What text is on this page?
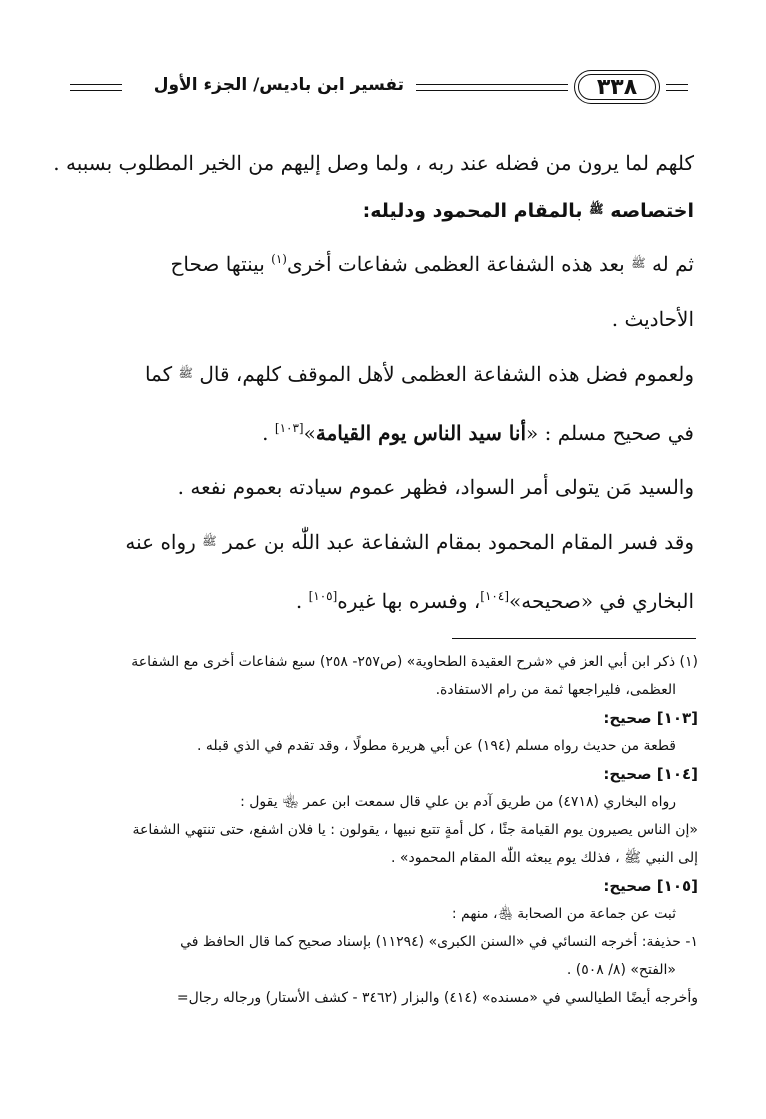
تفسير ابن باديس/ الجزء الأول	٣٣٨

كلهم لما يرون من فضله عند ربه ، ولما وصل إليهم من الخير المطلوب بسببه .

اختصاصه $^ﷺ$ بالمقام المحمود ودليله:

ثم له $^ﷺ$ بعد هذه الشفاعة العظمى شفاعات أخرى$^{(١)}$ بينتها صحاح

الأحاديث .

ولعموم فضل هذه الشفاعة العظمى لأهل الموقف كلهم، قال $^ﷺ$ كما

في صحيح مسلم : «أنا سيد الناس يوم القيامة»[١٠٣] .

والسيد مَن يتولى أمر السواد، فظهر عموم سيادته بعموم نفعه .

وقد فسر المقام المحمود بمقام الشفاعة عبد اللّٰه بن عمر $^ﷺ$ رواه عنه

البخاري في «صحيحه»[١٠٤]، وفسره بها غيره[١٠٥] .

(١) ذكر ابن أبي العز في «شرح العقيدة الطحاوية» (ص٢٥٧- ٢٥٨) سبع شفاعات أخرى مع الشفاعة

العظمى، فليراجعها ثمة من رام الاستفادة.

[١٠٣] صحيح:

قطعة من حديث رواه مسلم (١٩٤) عن أبي هريرة مطولًا ، وقد تقدم في الذي قبله .

[١٠٤] صحيح:

رواه البخاري (٤٧١٨) من طريق آدم بن علي قال سمعت ابن عمر ﵄ يقول :

«إن الناس يصيرون يوم القيامة جثًا ، كل أمةٍ تتبع نبيها ، يقولون : يا فلان اشفع، حتى تنتهي الشفاعة

إلى النبي ﷺ ، فذلك يوم يبعثه اللّٰه المقام المحمود» .

[١٠٥] صحيح:

ثبت عن جماعة من الصحابة ﵃، منهم :

١- حذيفة: أخرجه النسائي في «السنن الكبرى» (١١٢٩٤) بإسناد صحيح كما قال الحافظ في

«الفتح» (٨/ ٥٠٨) .

وأخرجه أيضًا الطيالسي في «مسنده» (٤١٤) والبزار (٣٤٦٢ - كشف الأستار) ورجاله رجال=
